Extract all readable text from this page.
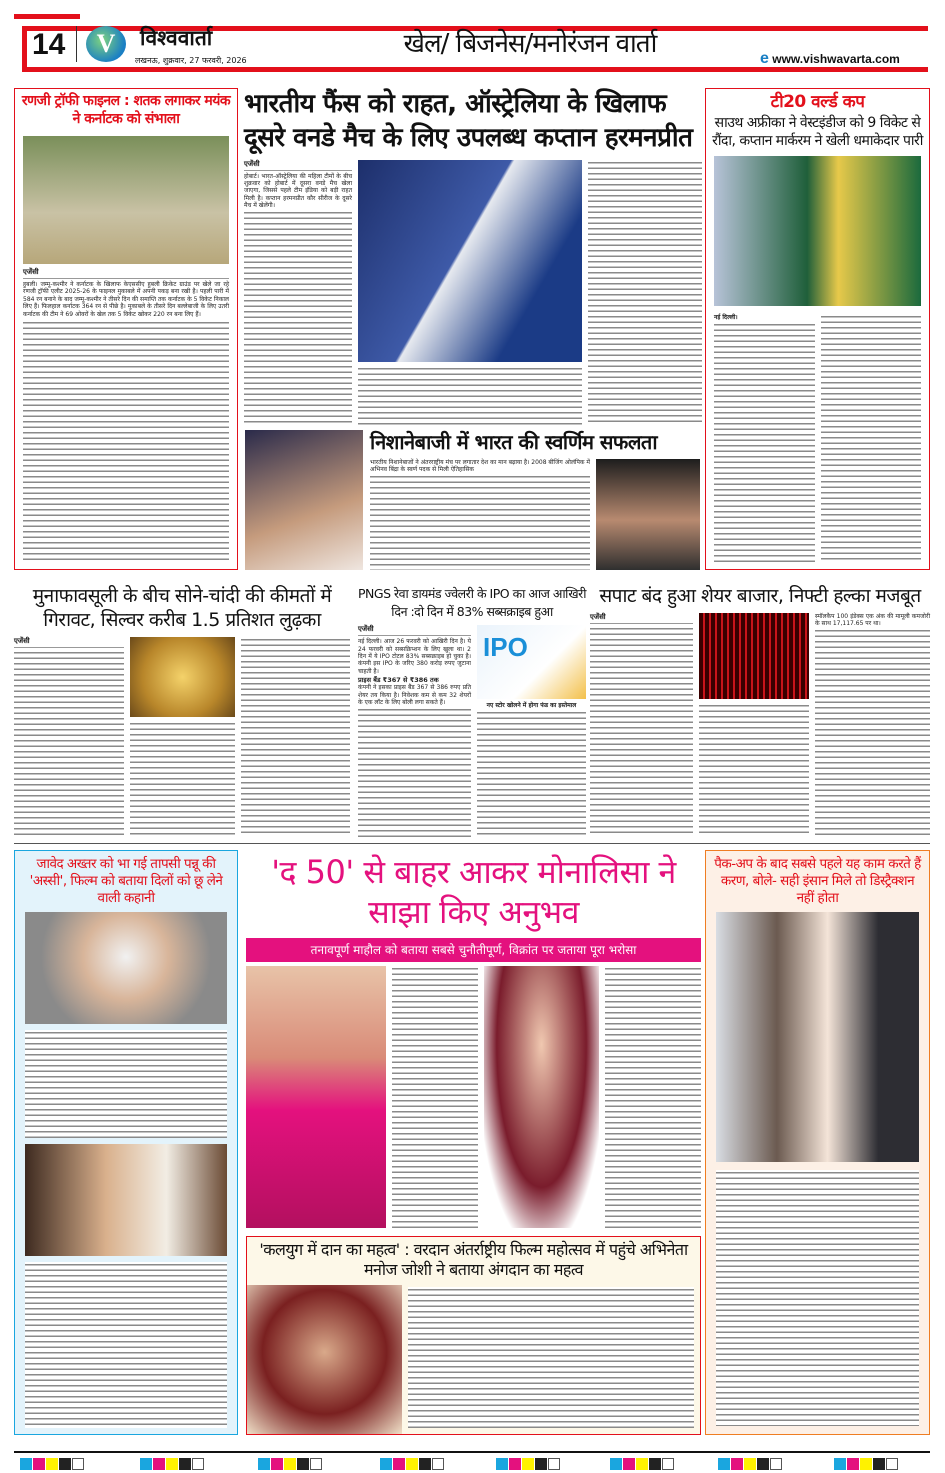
14	V	विश्ववार्ता
लखनऊ, शुक्रवार, 27 फरवरी, 2026
खेल/ बिजनेस/मनोरंजन वार्ता	e www.vishwavarta.com
रणजी ट्रॉफी फाइनल : शतक लगाकर मयंक ने कर्नाटक को संभाला
एजेंसी
हुबली। जम्मू-कश्मीर ने कर्नाटक के खिलाफ केएससीए हुबली क्रिकेट ग्राउंड पर खेले जा रहे रणजी ट्रॉफी एलीट 2025-26 के फाइनल मुकाबले में अपनी पकड़ बना रखी है। पहली पारी में 584 रन बनाने के बाद जम्मू-कश्मीर ने तीसरे दिन की समाप्ति तक कर्नाटक के 5 विकेट निकाल लिए हैं। फिलहाल कर्नाटक 364 रन से पीछे है। मुकाबले के तीसरे दिन बल्लेबाजी के लिए उतरी कर्नाटक की टीम ने 69 ओवरों के खेल तक 5 विकेट खोकर 220 रन बना लिए हैं।
भारतीय फैंस को राहत, ऑस्ट्रेलिया के खिलाफ दूसरे वनडे मैच के लिए उपलब्ध कप्तान हरमनप्रीत
एजेंसी
होबार्ट। भारत-ऑस्ट्रेलिया की महिला टीमों के बीच शुक्रवार को होबार्ट में दूसरा वनडे मैच खेला जाएगा, जिससे पहले टीम इंडिया को बड़ी राहत मिली है। कप्तान हरमनप्रीत कौर सीरीज के दूसरे मैच में खेलेंगी।
निशानेबाजी में भारत की स्वर्णिम सफलता
भारतीय निशानेबाजों ने अंतरराष्ट्रीय मंच पर लगातार देश का मान बढ़ाया है। 2008 बीजिंग ओलंपिक में अभिनव बिंद्रा के स्वर्ण पदक से मिली ऐतिहासिक
टी20 वर्ल्ड कप
साउथ अफ्रीका ने वेस्टइंडीज को 9 विकेट से रौंदा, कप्तान मार्करम ने खेली धमाकेदार पारी
नई दिल्ली।
मुनाफावसूली के बीच सोने-चांदी की कीमतों में गिरावट, सिल्वर करीब 1.5 प्रतिशत लुढ़का
एजेंसी
PNGS रेवा डायमंड ज्वेलरी के IPO का आज आखिरी दिन :दो दिन में 83% सब्सक्राइब हुआ
एजेंसी
नई दिल्ली। आज 26 फरवरी को आखिरी दिन है। ये 24 फरवरी को सब्सक्रिप्शन के लिए खुला था। 2 दिन में ये IPO टोटल 83% सब्सक्राइब हो चुका है। कंपनी इस IPO के जरिए 380 करोड़ रुपए जुटाना चाहती है।
प्राइस बैंड ₹367 से ₹386 तक
कंपनी ने इसका प्राइस बैंड 367 से 386 रुपए प्रति शेयर तय किया है। निवेशक कम से कम 32 शेयरों के एक लॉट के लिए बोली लगा सकते हैं।
IPO
नए स्टोर खोलने में होगा फंड का इस्तेमाल
सपाट बंद हुआ शेयर बाजार, निफ्टी हल्का मजबूत
एजेंसी	स्मॉलकैप 100 इंडेक्स एक अंक की मामूली कमजोरी के साथ 17,117.65 पर था।
जावेद अख्तर को भा गई तापसी पन्नू की 'अस्सी', फिल्म को बताया दिलों को छू लेने वाली कहानी
'द 50' से बाहर आकर मोनालिसा ने साझा किए अनुभव
तनावपूर्ण माहौल को बताया सबसे चुनौतीपूर्ण, विक्रांत पर जताया पूरा भरोसा
'कलयुग में दान का महत्व' : वरदान अंतर्राष्ट्रीय फिल्म महोत्सव में पहुंचे अभिनेता मनोज जोशी ने बताया अंगदान का महत्व
पैक-अप के बाद सबसे पहले यह काम करते हैं करण, बोले- सही इंसान मिले तो डिस्ट्रैक्शन नहीं होता
